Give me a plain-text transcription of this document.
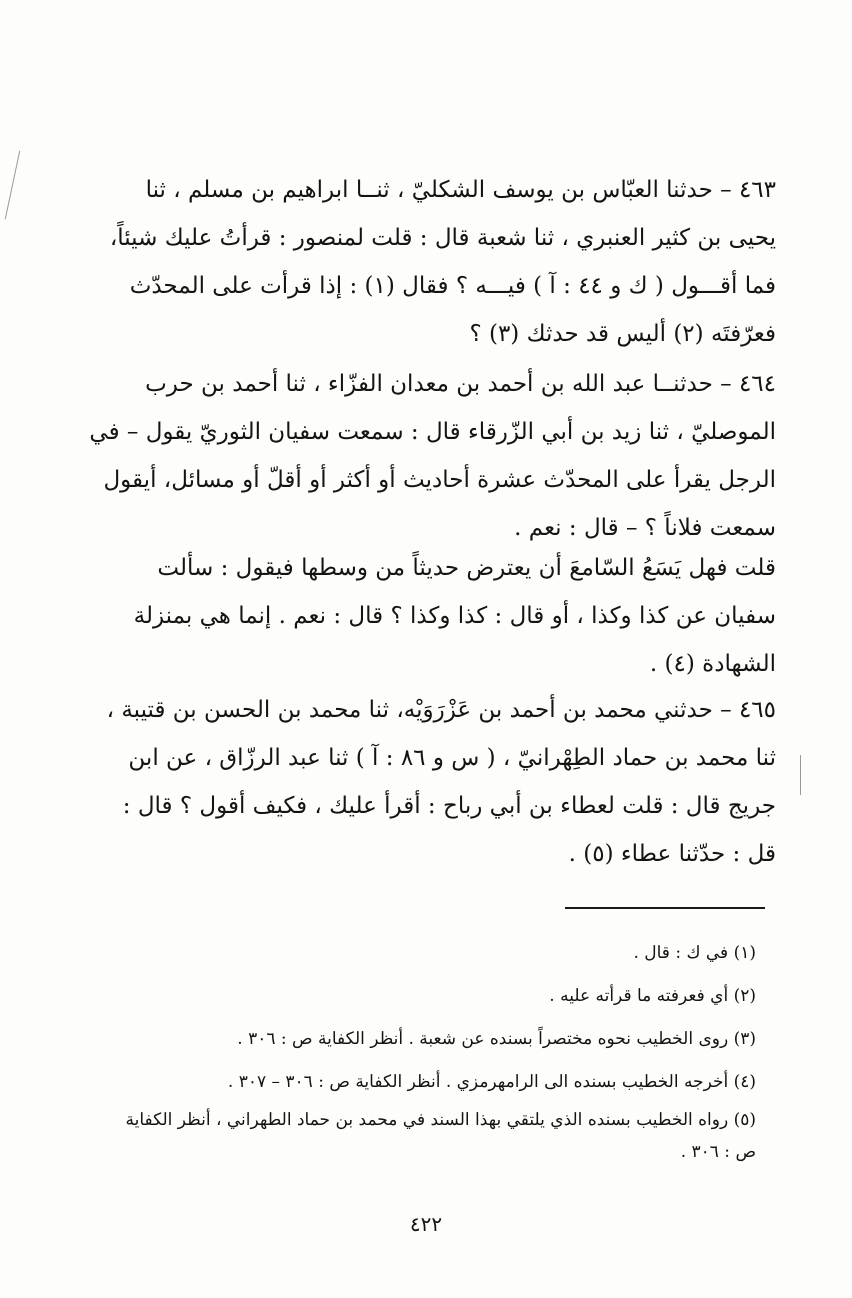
٤٦٣ – حدثنا العبّاس بن يوسف الشكليّ ، ثنــا ابراهيم بن مسلم ، ثنا
يحيى بن كثير العنبري ، ثنا شعبة قال : قلت لمنصور : قرأتُ عليك شيئاً،
فما أقـــول ( ك و ٤٤ : آ ) فيـــه ؟ فقال (١) : إذا قرأت على المحدّث
فعرّفتَه (٢) أليس قد حدثك (٣) ؟
٤٦٤ – حدثنــا عبد الله بن أحمد بن معدان الفزّاء ، ثنا أحمد بن حرب
الموصليّ ، ثنا زيد بن أبي الزّرقاء قال : سمعت سفيان الثوريّ يقول – في
الرجل يقرأ على المحدّث عشرة أحاديث أو أكثر أو أقلّ أو مسائل، أيقول
سمعت فلاناً ؟ – قال : نعم .
قلت فهل يَسَعُ السّامعَ أن يعترض حديثاً من وسطها فيقول : سألت
سفيان عن كذا وكذا ، أو قال : كذا وكذا ؟ قال : نعم . إنما هي بمنزلة
الشهادة (٤) .
٤٦٥ – حدثني محمد بن أحمد بن عَزْرَوَيْه، ثنا محمد بن الحسن بن قتيبة ،
ثنا محمد بن حماد الطِهْرانيّ ، ( س و ٨٦ : آ ) ثنا عبد الرزّاق ، عن ابن
جريج قال : قلت لعطاء بن أبي رباح : أقرأ عليك ، فكيف أقول ؟ قال :
قل : حدّثنا عطاء (٥) .
(١) في ك : قال .
(٢) أي فعرفته ما قرأته عليه .
(٣) روى الخطيب نحوه مختصراً بسنده عن شعبة . أنظر الكفاية ص : ٣٠٦ .
(٤) أخرجه الخطيب بسنده الى الرامهرمزي . أنظر الكفاية ص : ٣٠٦ – ٣٠٧ .
(٥) رواه الخطيب بسنده الذي يلتقي بهذا السند في محمد بن حماد الطهراني ، أنظر الكفاية
ص : ٣٠٦ .
٤٢٢
